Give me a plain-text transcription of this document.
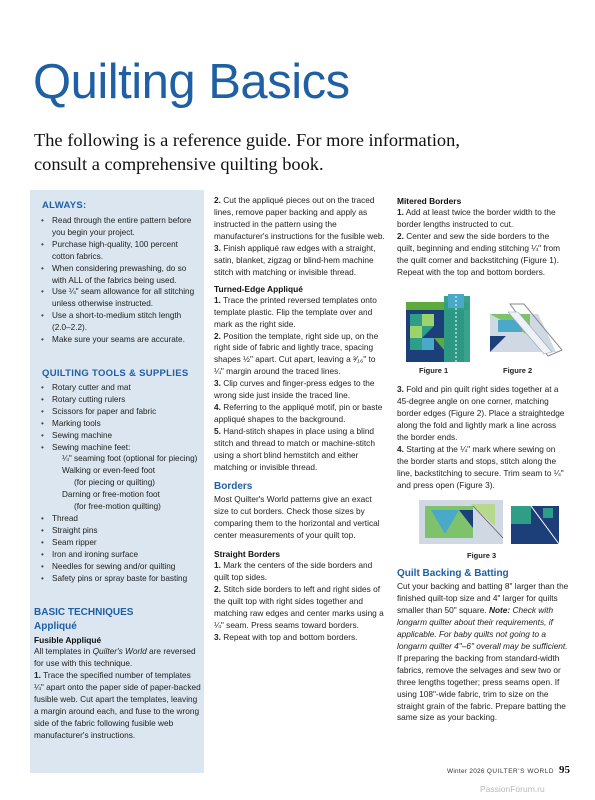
Quilting Basics

The following is a reference guide. For more information,
consult a comprehensive quilting book.

ALWAYS:
• Read through the entire pattern before you begin your project.
• Purchase high-quality, 100 percent cotton fabrics.
• When considering prewashing, do so with ALL of the fabrics being used.
• Use ¼" seam allowance for all stitching unless otherwise instructed.
• Use a short-to-medium stitch length (2.0–2.2).
• Make sure your seams are accurate.
QUILTING TOOLS & SUPPLIES
• Rotary cutter and mat
• Rotary cutting rulers
• Scissors for paper and fabric
• Marking tools
• Sewing machine
• Sewing machine feet:
¼" seaming foot (optional for piecing)
Walking or even-feed foot
(for piecing or quilting)
Darning or free-motion foot
(for free-motion quilting)
• Thread
• Straight pins
• Seam ripper
• Iron and ironing surface
• Needles for sewing and/or quilting
• Safety pins or spray baste for basting

BASIC TECHNIQUES

Appliqué

Fusible Appliqué

All templates in Quilter's World are reversed for use with this technique.

1. Trace the specified number of templates ¼" apart onto the paper side of paper-backed fusible web. Cut apart the templates, leaving a margin around each, and fuse to the wrong side of the fabric following fusible web manufacturer's instructions.

2. Cut the appliqué pieces out on the traced lines, remove paper backing and apply as instructed in the pattern using the manufacturer's instructions for the fusible web.

3. Finish appliqué raw edges with a straight, satin, blanket, zigzag or blind-hem machine stitch with matching or invisible thread.

Turned-Edge Appliqué

1. Trace the printed reversed templates onto template plastic. Flip the template over and mark as the right side.

2. Position the template, right side up, on the right side of fabric and lightly trace, spacing shapes ½" apart. Cut apart, leaving a ³⁄₁₆" to ¼" margin around the traced lines.

3. Clip curves and finger-press edges to the wrong side just inside the traced line.

4. Referring to the appliqué motif, pin or baste appliqué shapes to the background.

5. Hand-stitch shapes in place using a blind stitch and thread to match or machine-stitch using a short blind hemstitch and either matching or invisible thread.

Borders

Most Quilter's World patterns give an exact size to cut borders. Check those sizes by comparing them to the horizontal and vertical center measurements of your quilt top.

Straight Borders

1. Mark the centers of the side borders and quilt top sides.

2. Stitch side borders to left and right sides of the quilt top with right sides together and matching raw edges and center marks using a ¼" seam. Press seams toward borders.

3. Repeat with top and bottom borders.

Mitered Borders

1. Add at least twice the border width to the border lengths instructed to cut.

2. Center and sew the side borders to the quilt, beginning and ending stitching ¼" from the quilt corner and backstitching (Figure 1). Repeat with the top and bottom borders.

Figure 1	Figure 2

3. Fold and pin quilt right sides together at a 45-degree angle on one corner, matching border edges (Figure 2). Place a straightedge along the fold and lightly mark a line across the border ends.

4. Starting at the ¼" mark where sewing on the border starts and stops, stitch along the line, backstitching to secure. Trim seam to ¼" and press open (Figure 3).

Figure 3

Quilt Backing & Batting

Cut your backing and batting 8" larger than the finished quilt-top size and 4" larger for quilts smaller than 50" square. Note: Check with longarm quilter about their requirements, if applicable. For baby quilts not going to a longarm quilter 4"–6" overall may be sufficient. If preparing the backing from standard-width fabrics, remove the selvages and sew two or three lengths together; press seams open. If using 108"-wide fabric, trim to size on the straight grain of the fabric. Prepare batting the same size as your backing.

Winter 2026 QUILTER'S WORLD 95
PassionForum.ru
